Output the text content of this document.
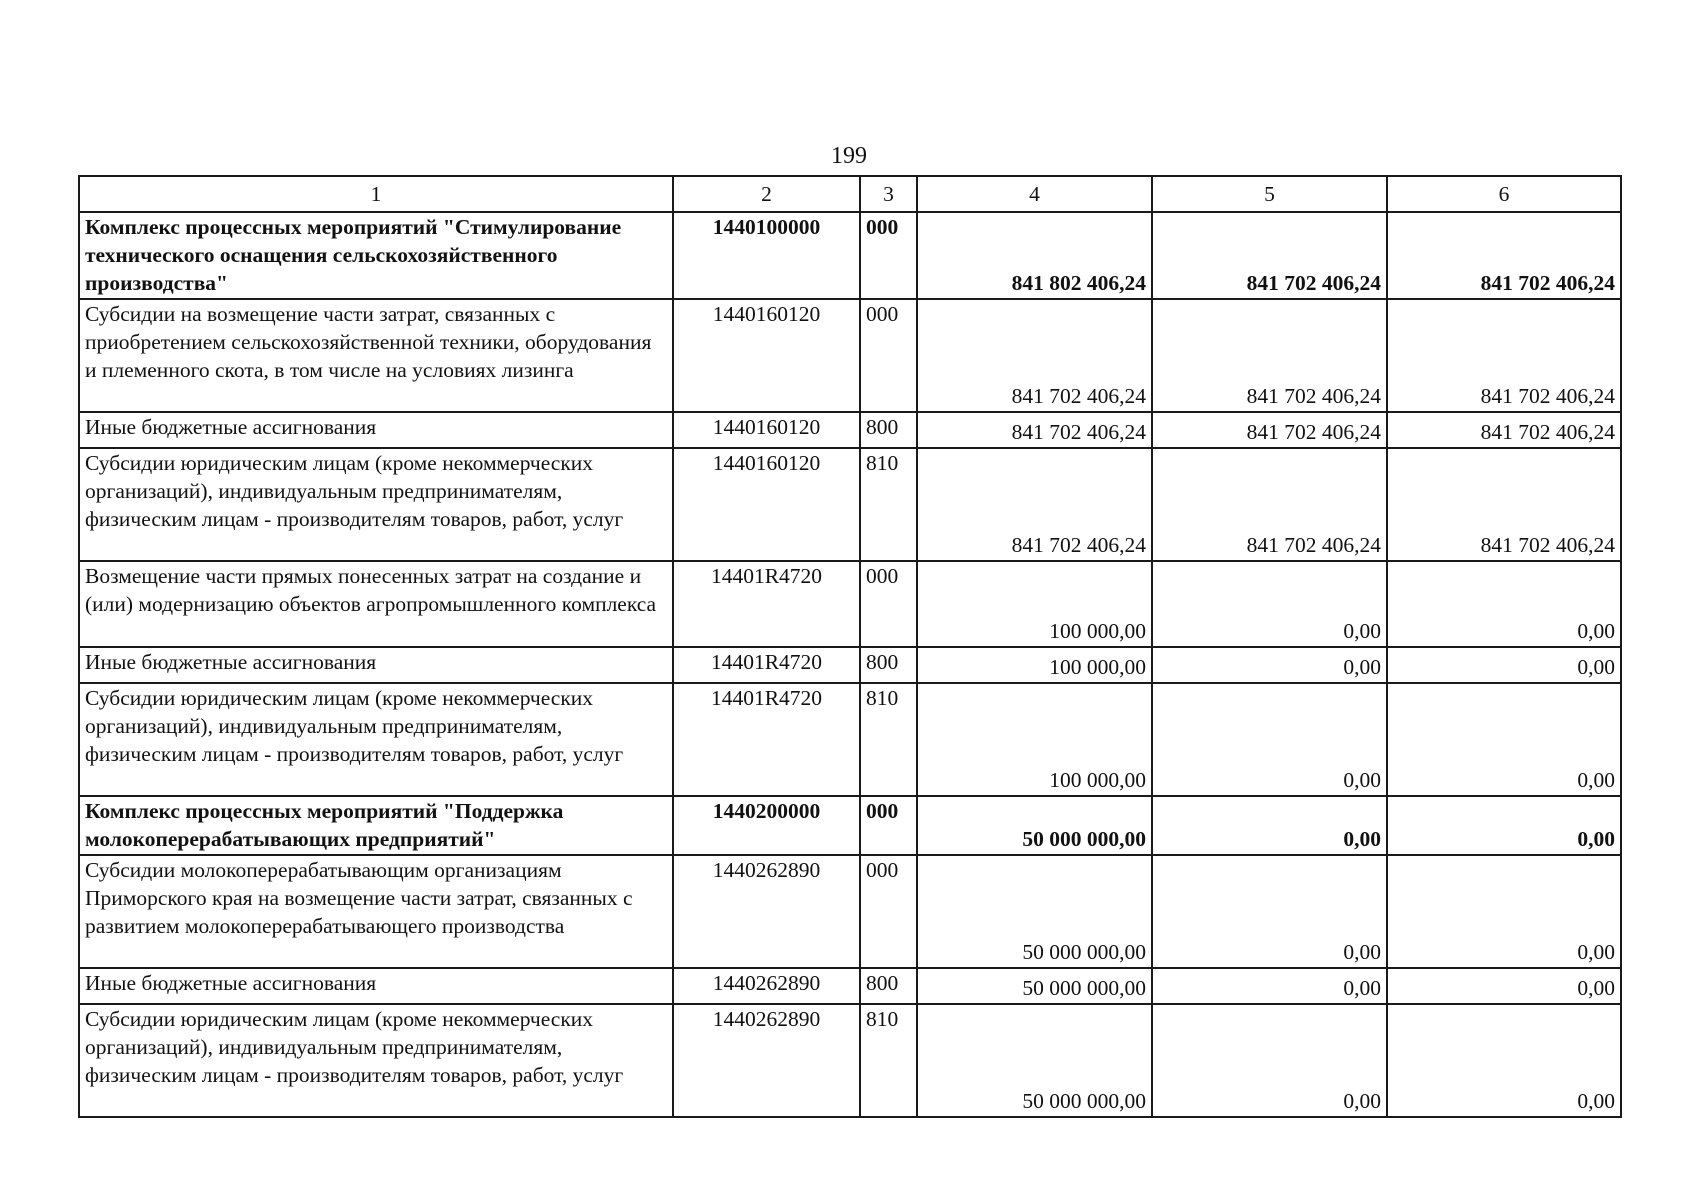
199
1	2	3	4	5	6
Комплекс процессных мероприятий "Стимулирование технического оснащения сельскохозяйственного производства"	1440100000	000	841 802 406,24	841 702 406,24	841 702 406,24
Субсидии на возмещение части затрат, связанных с приобретением сельскохозяйственной техники, оборудования и племенного скота, в том числе на условиях лизинга	1440160120	000	841 702 406,24	841 702 406,24	841 702 406,24
Иные бюджетные ассигнования	1440160120	800	841 702 406,24	841 702 406,24	841 702 406,24
Субсидии юридическим лицам (кроме некоммерческих организаций), индивидуальным предпринимателям, физическим лицам - производителям товаров, работ, услуг	1440160120	810	841 702 406,24	841 702 406,24	841 702 406,24
Возмещение части прямых понесенных затрат на создание и (или) модернизацию объектов агропромышленного комплекса	14401R4720	000	100 000,00	0,00	0,00
Иные бюджетные ассигнования	14401R4720	800	100 000,00	0,00	0,00
Субсидии юридическим лицам (кроме некоммерческих организаций), индивидуальным предпринимателям, физическим лицам - производителям товаров, работ, услуг	14401R4720	810	100 000,00	0,00	0,00
Комплекс процессных мероприятий "Поддержка молокоперерабатывающих предприятий"	1440200000	000	50 000 000,00	0,00	0,00
Субсидии молокоперерабатывающим организациям Приморского края на возмещение части затрат, связанных с развитием молокоперерабатывающего производства	1440262890	000	50 000 000,00	0,00	0,00
Иные бюджетные ассигнования	1440262890	800	50 000 000,00	0,00	0,00
Субсидии юридическим лицам (кроме некоммерческих организаций), индивидуальным предпринимателям, физическим лицам - производителям товаров, работ, услуг	1440262890	810	50 000 000,00	0,00	0,00
